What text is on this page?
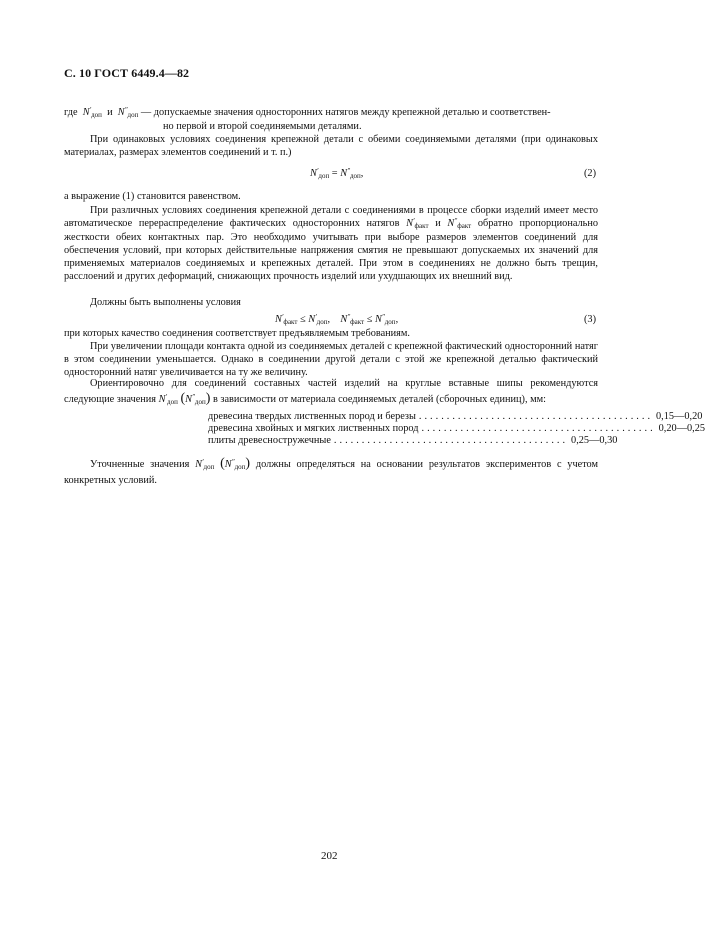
С. 10 ГОСТ 6449.4—82
где $N'_{доп}$ и $N''_{доп}$ — допускаемые значения односторонних натягов между крепежной деталью и соответствен-
но первой и второй соединяемыми деталями.
При одинаковых условиях соединения крепежной детали с обеими соединяемыми деталями (при одинаковых материалах, размерах элементов соединений и т. п.)
$N'_{доп} = N''_{доп}$,	(2)
а выражение (1) становится равенством.
При различных условиях соединения крепежной детали с соединениями в процессе сборки изделий имеет место автоматическое перераспределение фактических односторонних натягов $N'_{факт}$ и $N''_{факт}$ обратно пропорционально жесткости обеих контактных пар. Это необходимо учитывать при выборе размеров элементов соединений для обеспечения условий, при которых действительные напряжения смятия не превышают допускаемых их значений для применяемых материалов соединяемых и крепежных деталей. При этом в соединениях не должно быть трещин, расслоений и других деформаций, снижающих прочность изделий или ухудшающих их внешний вид.
Должны быть выполнены условия
$N'_{факт} \le N'_{доп}$, $N''_{факт} \le N''_{доп}$,	(3)
при которых качество соединения соответствует предъявляемым требованиям.
При увеличении площади контакта одной из соединяемых деталей с крепежной фактический односторонний натяг в этом соединении уменьшается. Однако в соединении другой детали с этой же крепежной деталью фактический односторонний натяг увеличивается на ту же величину.
Ориентировочно для соединений составных частей изделий на круглые вставные шипы рекомендуются следующие значения $N'_{доп}$ $(N''_{доп})$ в зависимости от материала соединяемых деталей (сборочных единиц), мм:
древесина твердых лиственных пород и березы .......................................... 0,15—0,20
древесина хвойных и мягких лиственных пород .......................................... 0,20—0,25
плиты древесностружечные .......................................... 0,25—0,30
Уточненные значения $N'_{доп}$ $(N''_{доп})$ должны определяться на основании результатов экспериментов с учетом конкретных условий.
202
